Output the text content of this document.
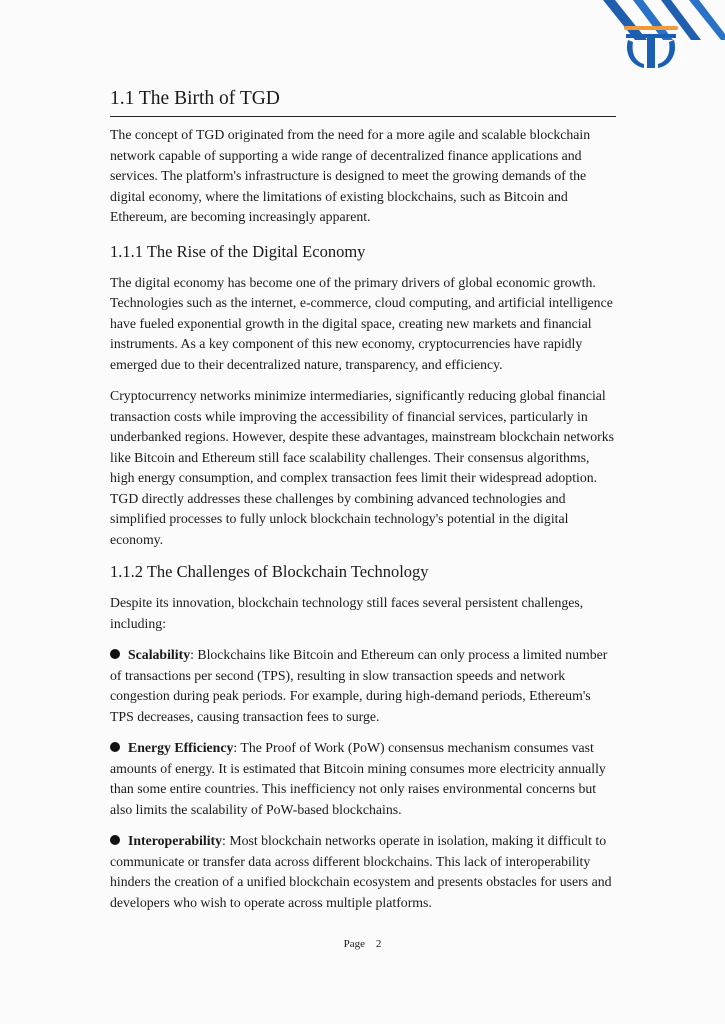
1.1 The Birth of TGD

The concept of TGD originated from the need for a more agile and scalable blockchain network capable of supporting a wide range of decentralized finance applications and services. The platform's infrastructure is designed to meet the growing demands of the digital economy, where the limitations of existing blockchains, such as Bitcoin and Ethereum, are becoming increasingly apparent.

1.1.1 The Rise of the Digital Economy

The digital economy has become one of the primary drivers of global economic growth. Technologies such as the internet, e-commerce, cloud computing, and artificial intelligence have fueled exponential growth in the digital space, creating new markets and financial instruments. As a key component of this new economy, cryptocurrencies have rapidly emerged due to their decentralized nature, transparency, and efficiency.

Cryptocurrency networks minimize intermediaries, significantly reducing global financial transaction costs while improving the accessibility of financial services, particularly in underbanked regions. However, despite these advantages, mainstream blockchain networks like Bitcoin and Ethereum still face scalability challenges. Their consensus algorithms, high energy consumption, and complex transaction fees limit their widespread adoption. TGD directly addresses these challenges by combining advanced technologies and simplified processes to fully unlock blockchain technology's potential in the digital economy.

1.1.2 The Challenges of Blockchain Technology

Despite its innovation, blockchain technology still faces several persistent challenges, including:

Scalability: Blockchains like Bitcoin and Ethereum can only process a limited number of transactions per second (TPS), resulting in slow transaction speeds and network congestion during peak periods. For example, during high-demand periods, Ethereum's TPS decreases, causing transaction fees to surge.

Energy Efficiency: The Proof of Work (PoW) consensus mechanism consumes vast amounts of energy. It is estimated that Bitcoin mining consumes more electricity annually than some entire countries. This inefficiency not only raises environmental concerns but also limits the scalability of PoW-based blockchains.

Interoperability: Most blockchain networks operate in isolation, making it difficult to communicate or transfer data across different blockchains. This lack of interoperability hinders the creation of a unified blockchain ecosystem and presents obstacles for users and developers who wish to operate across multiple platforms.

Page 2
